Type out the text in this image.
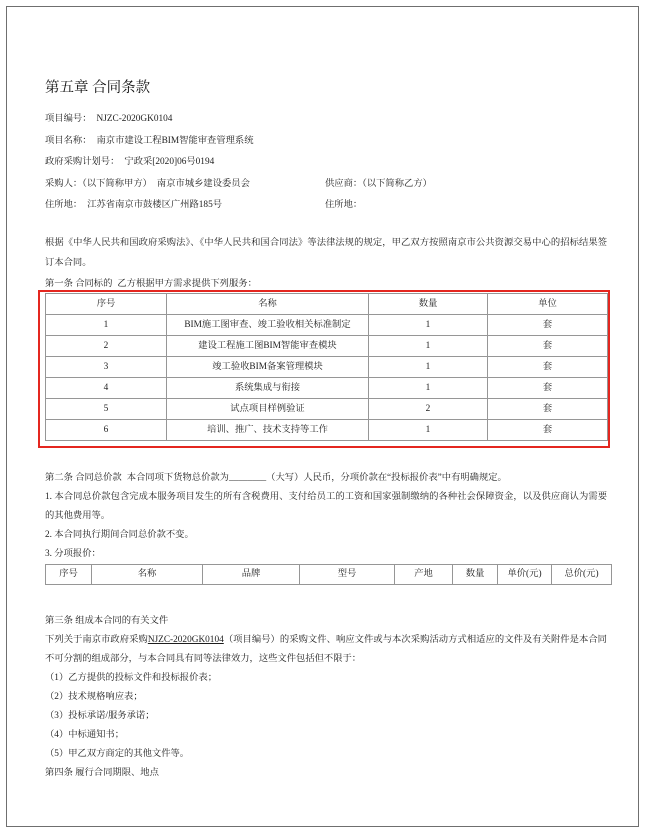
第五章 合同条款
项目编号： NJZC-2020GK0104
项目名称： 南京市建设工程BIM智能审查管理系统
政府采购计划号： 宁政采[2020]06号0194
采购人：（以下简称甲方） 南京市城乡建设委员会	供应商：（以下简称乙方）
住所地： 江苏省南京市鼓楼区广州路185号	住所地：
根据《中华人民共和国政府采购法》、《中华人民共和国合同法》等法律法规的规定，甲乙双方按照南京市公共资源交易中心的招标结果签订本合同。
第一条 合同标的 乙方根据甲方需求提供下列服务：
序号	名称	数量	单位
1	BIM施工图审查、竣工验收相关标准制定	1	套
2	建设工程施工图BIM智能审查模块	1	套
3	竣工验收BIM备案管理模块	1	套
4	系统集成与衔接	1	套
5	试点项目样例验证	2	套
6	培训、推广、技术支持等工作	1	套
第二条 合同总价款 本合同项下货物总价款为________（大写）人民币，分项价款在“投标报价表”中有明确规定。
1. 本合同总价款包含完成本服务项目发生的所有含税费用、支付给员工的工资和国家强制缴纳的各种社会保障资金，以及供应商认为需要的其他费用等。
2. 本合同执行期间合同总价款不变。
3. 分项报价：
序号	名称	品牌	型号	产地	数量	单价(元)	总价(元)
第三条 组成本合同的有关文件
下列关于南京市政府采购NJZC-2020GK0104（项目编号）的采购文件、响应文件或与本次采购活动方式相适应的文件及有关附件是本合同不可分割的组成部分，与本合同具有同等法律效力，这些文件包括但不限于：
（1）乙方提供的投标文件和投标报价表；
（2）技术规格响应表；
（3）投标承诺/服务承诺；
（4）中标通知书；
（5）甲乙双方商定的其他文件等。
第四条 履行合同期限、地点
